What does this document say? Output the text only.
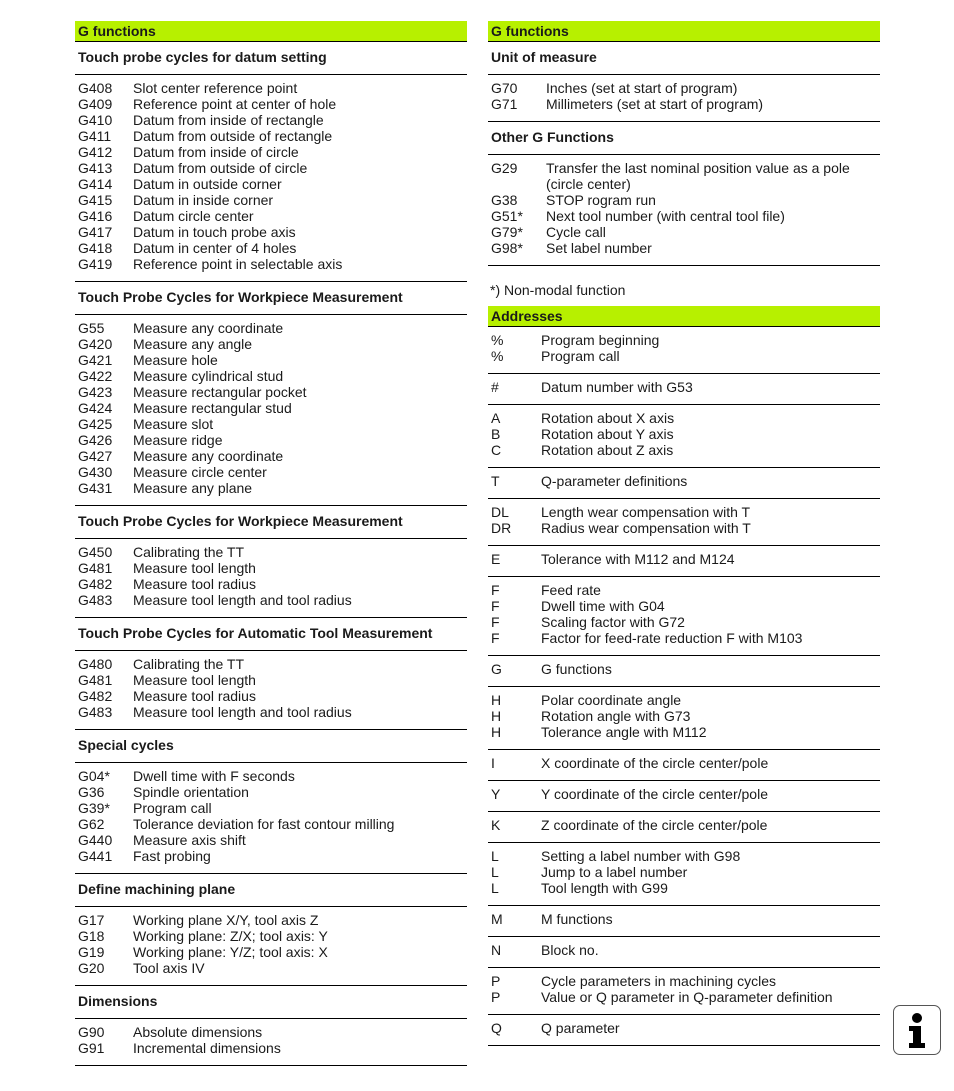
G functions
Touch probe cycles for datum setting
G408	Slot center reference point
G409	Reference point at center of hole
G410	Datum from inside of rectangle
G411	Datum from outside of rectangle
G412	Datum from inside of circle
G413	Datum from outside of circle
G414	Datum in outside corner
G415	Datum in inside corner
G416	Datum circle center
G417	Datum in touch probe axis
G418	Datum in center of 4 holes
G419	Reference point in selectable axis
Touch Probe Cycles for Workpiece Measurement
G55	Measure any coordinate
G420	Measure any angle
G421	Measure hole
G422	Measure cylindrical stud
G423	Measure rectangular pocket
G424	Measure rectangular stud
G425	Measure slot
G426	Measure ridge
G427	Measure any coordinate
G430	Measure circle center
G431	Measure any plane
Touch Probe Cycles for Workpiece Measurement
G450	Calibrating the TT
G481	Measure tool length
G482	Measure tool radius
G483	Measure tool length and tool radius
Touch Probe Cycles for Automatic Tool Measurement
G480	Calibrating the TT
G481	Measure tool length
G482	Measure tool radius
G483	Measure tool length and tool radius
Special cycles
G04*	Dwell time with F seconds
G36	Spindle orientation
G39*	Program call
G62	Tolerance deviation for fast contour milling
G440	Measure axis shift
G441	Fast probing
Define machining plane
G17	Working plane X/Y, tool axis Z
G18	Working plane: Z/X; tool axis: Y
G19	Working plane: Y/Z; tool axis: X
G20	Tool axis IV
Dimensions
G90	Absolute dimensions
G91	Incremental dimensions
G functions
Unit of measure
G70	Inches (set at start of program)
G71	Millimeters (set at start of program)
Other G Functions
G29	Transfer the last nominal position value as a pole
(circle center)
G38	STOP rogram run
G51*	Next tool number (with central tool file)
G79*	Cycle call
G98*	Set label number
*) Non-modal function
Addresses
%	Program beginning
%	Program call
#	Datum number with G53
A	Rotation about X axis
B	Rotation about Y axis
C	Rotation about Z axis
T	Q-parameter definitions
DL	Length wear compensation with T
DR	Radius wear compensation with T
E	Tolerance with M112 and M124
F	Feed rate
F	Dwell time with G04
F	Scaling factor with G72
F	Factor for feed-rate reduction F with M103
G	G functions
H	Polar coordinate angle
H	Rotation angle with G73
H	Tolerance angle with M112
I	X coordinate of the circle center/pole
Y	Y coordinate of the circle center/pole
K	Z coordinate of the circle center/pole
L	Setting a label number with G98
L	Jump to a label number
L	Tool length with G99
M	M functions
N	Block no.
P	Cycle parameters in machining cycles
P	Value or Q parameter in Q-parameter definition
Q	Q parameter
